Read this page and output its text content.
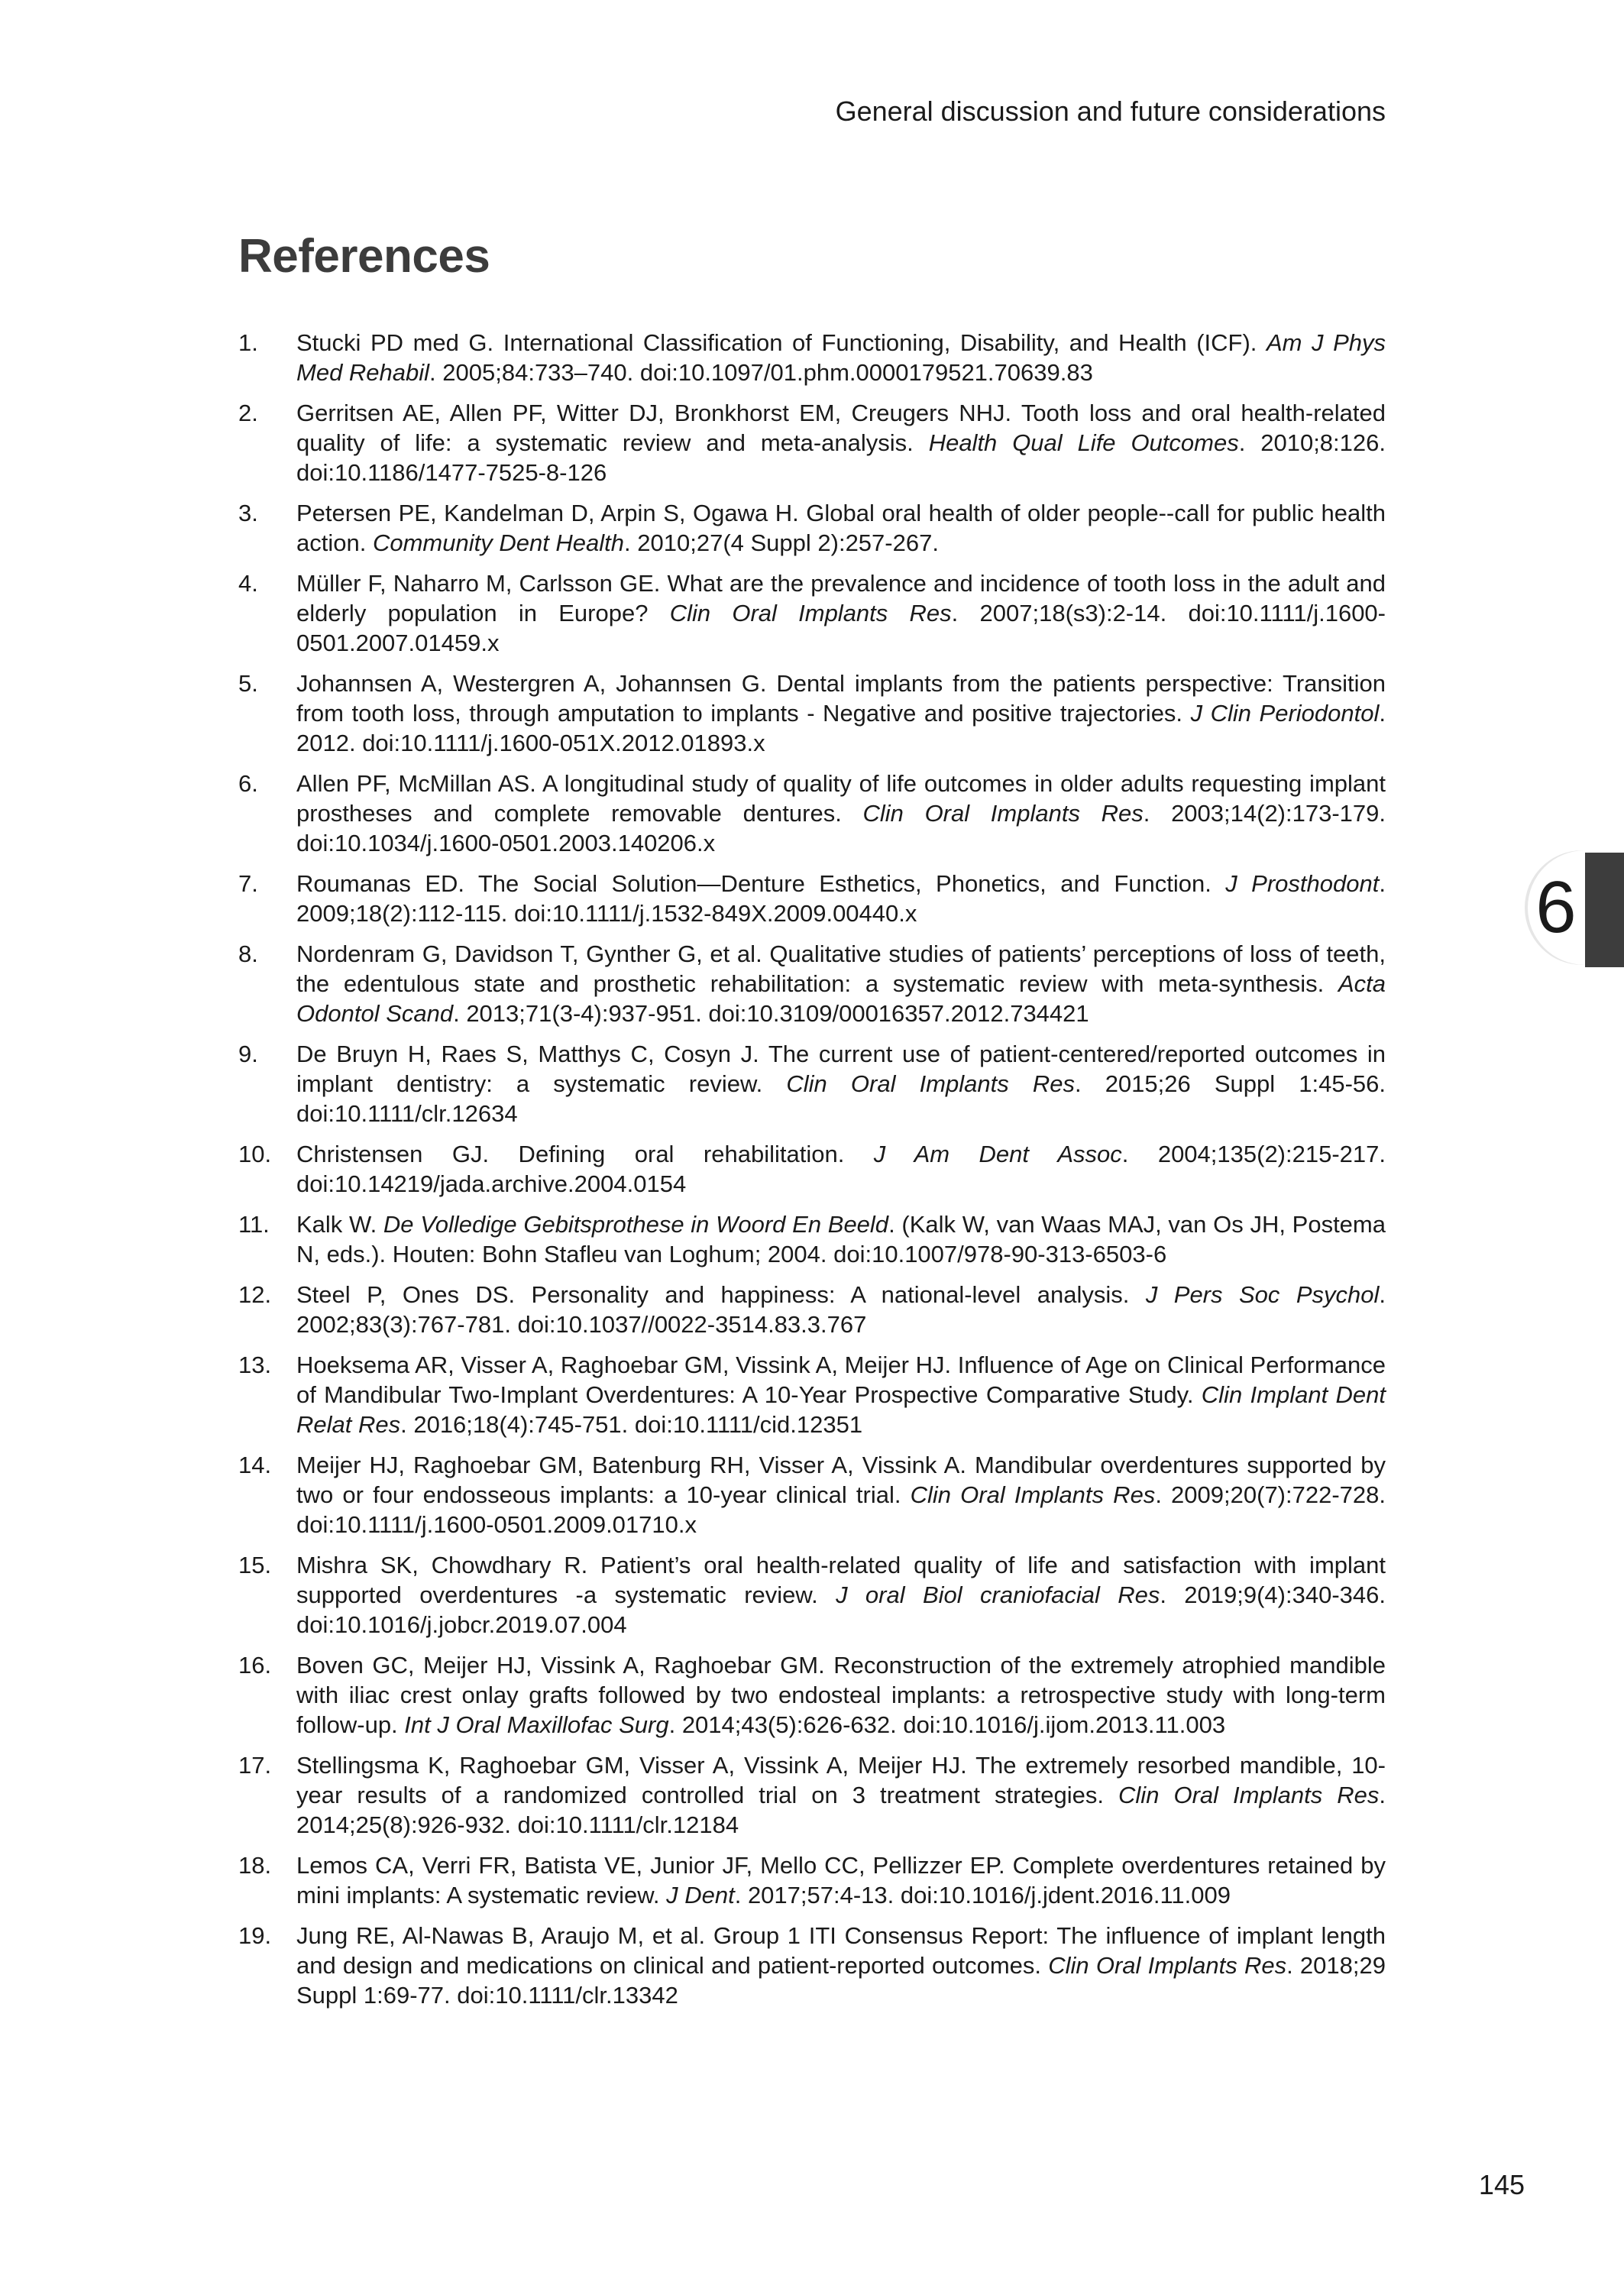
General discussion and future considerations
References
1.	Stucki PD med G. International Classification of Functioning, Disability, and Health (ICF). Am J Phys Med Rehabil. 2005;84:733–740. doi:10.1097/01.phm.0000179521.70639.83
2.	Gerritsen AE, Allen PF, Witter DJ, Bronkhorst EM, Creugers NHJ. Tooth loss and oral health-related quality of life: a systematic review and meta-analysis. Health Qual Life Outcomes. 2010;8:126. doi:10.1186/1477-7525-8-126
3.	Petersen PE, Kandelman D, Arpin S, Ogawa H. Global oral health of older people--call for public health action. Community Dent Health. 2010;27(4 Suppl 2):257-267.
4.	Müller F, Naharro M, Carlsson GE. What are the prevalence and incidence of tooth loss in the adult and elderly population in Europe? Clin Oral Implants Res. 2007;18(s3):2-14. doi:10.1111/j.1600-0501.2007.01459.x
5.	Johannsen A, Westergren A, Johannsen G. Dental implants from the patients perspective: Transition from tooth loss, through amputation to implants - Negative and positive trajectories. J Clin Periodontol. 2012. doi:10.1111/j.1600-051X.2012.01893.x
6.	Allen PF, McMillan AS. A longitudinal study of quality of life outcomes in older adults requesting implant prostheses and complete removable dentures. Clin Oral Implants Res. 2003;14(2):173-179. doi:10.1034/j.1600-0501.2003.140206.x
7.	Roumanas ED. The Social Solution—Denture Esthetics, Phonetics, and Function. J Prosthodont. 2009;18(2):112-115. doi:10.1111/j.1532-849X.2009.00440.x
8.	Nordenram G, Davidson T, Gynther G, et al. Qualitative studies of patients’ perceptions of loss of teeth, the edentulous state and prosthetic rehabilitation: a systematic review with meta-synthesis. Acta Odontol Scand. 2013;71(3-4):937-951. doi:10.3109/00016357.2012.734421
9.	De Bruyn H, Raes S, Matthys C, Cosyn J. The current use of patient-centered/reported outcomes in implant dentistry: a systematic review. Clin Oral Implants Res. 2015;26 Suppl 1:45-56. doi:10.1111/clr.12634
10.	Christensen GJ. Defining oral rehabilitation. J Am Dent Assoc. 2004;135(2):215-217. doi:10.14219/jada.archive.2004.0154
11.	Kalk W. De Volledige Gebitsprothese in Woord En Beeld. (Kalk W, van Waas MAJ, van Os JH, Postema N, eds.). Houten: Bohn Stafleu van Loghum; 2004. doi:10.1007/978-90-313-6503-6
12.	Steel P, Ones DS. Personality and happiness: A national-level analysis. J Pers Soc Psychol. 2002;83(3):767-781. doi:10.1037//0022-3514.83.3.767
13.	Hoeksema AR, Visser A, Raghoebar GM, Vissink A, Meijer HJ. Influence of Age on Clinical Performance of Mandibular Two-Implant Overdentures: A 10-Year Prospective Comparative Study. Clin Implant Dent Relat Res. 2016;18(4):745-751. doi:10.1111/cid.12351
14.	Meijer HJ, Raghoebar GM, Batenburg RH, Visser A, Vissink A. Mandibular overdentures supported by two or four endosseous implants: a 10-year clinical trial. Clin Oral Implants Res. 2009;20(7):722-728. doi:10.1111/j.1600-0501.2009.01710.x
15.	Mishra SK, Chowdhary R. Patient’s oral health-related quality of life and satisfaction with implant supported overdentures -a systematic review. J oral Biol craniofacial Res. 2019;9(4):340-346. doi:10.1016/j.jobcr.2019.07.004
16.	Boven GC, Meijer HJ, Vissink A, Raghoebar GM. Reconstruction of the extremely atrophied mandible with iliac crest onlay grafts followed by two endosteal implants: a retrospective study with long-term follow-up. Int J Oral Maxillofac Surg. 2014;43(5):626-632. doi:10.1016/j.ijom.2013.11.003
17.	Stellingsma K, Raghoebar GM, Visser A, Vissink A, Meijer HJ. The extremely resorbed mandible, 10-year results of a randomized controlled trial on 3 treatment strategies. Clin Oral Implants Res. 2014;25(8):926-932. doi:10.1111/clr.12184
18.	Lemos CA, Verri FR, Batista VE, Junior JF, Mello CC, Pellizzer EP. Complete overdentures retained by mini implants: A systematic review. J Dent. 2017;57:4-13. doi:10.1016/j.jdent.2016.11.009
19.	Jung RE, Al-Nawas B, Araujo M, et al. Group 1 ITI Consensus Report: The influence of implant length and design and medications on clinical and patient-reported outcomes. Clin Oral Implants Res. 2018;29 Suppl 1:69-77. doi:10.1111/clr.13342
6
145
